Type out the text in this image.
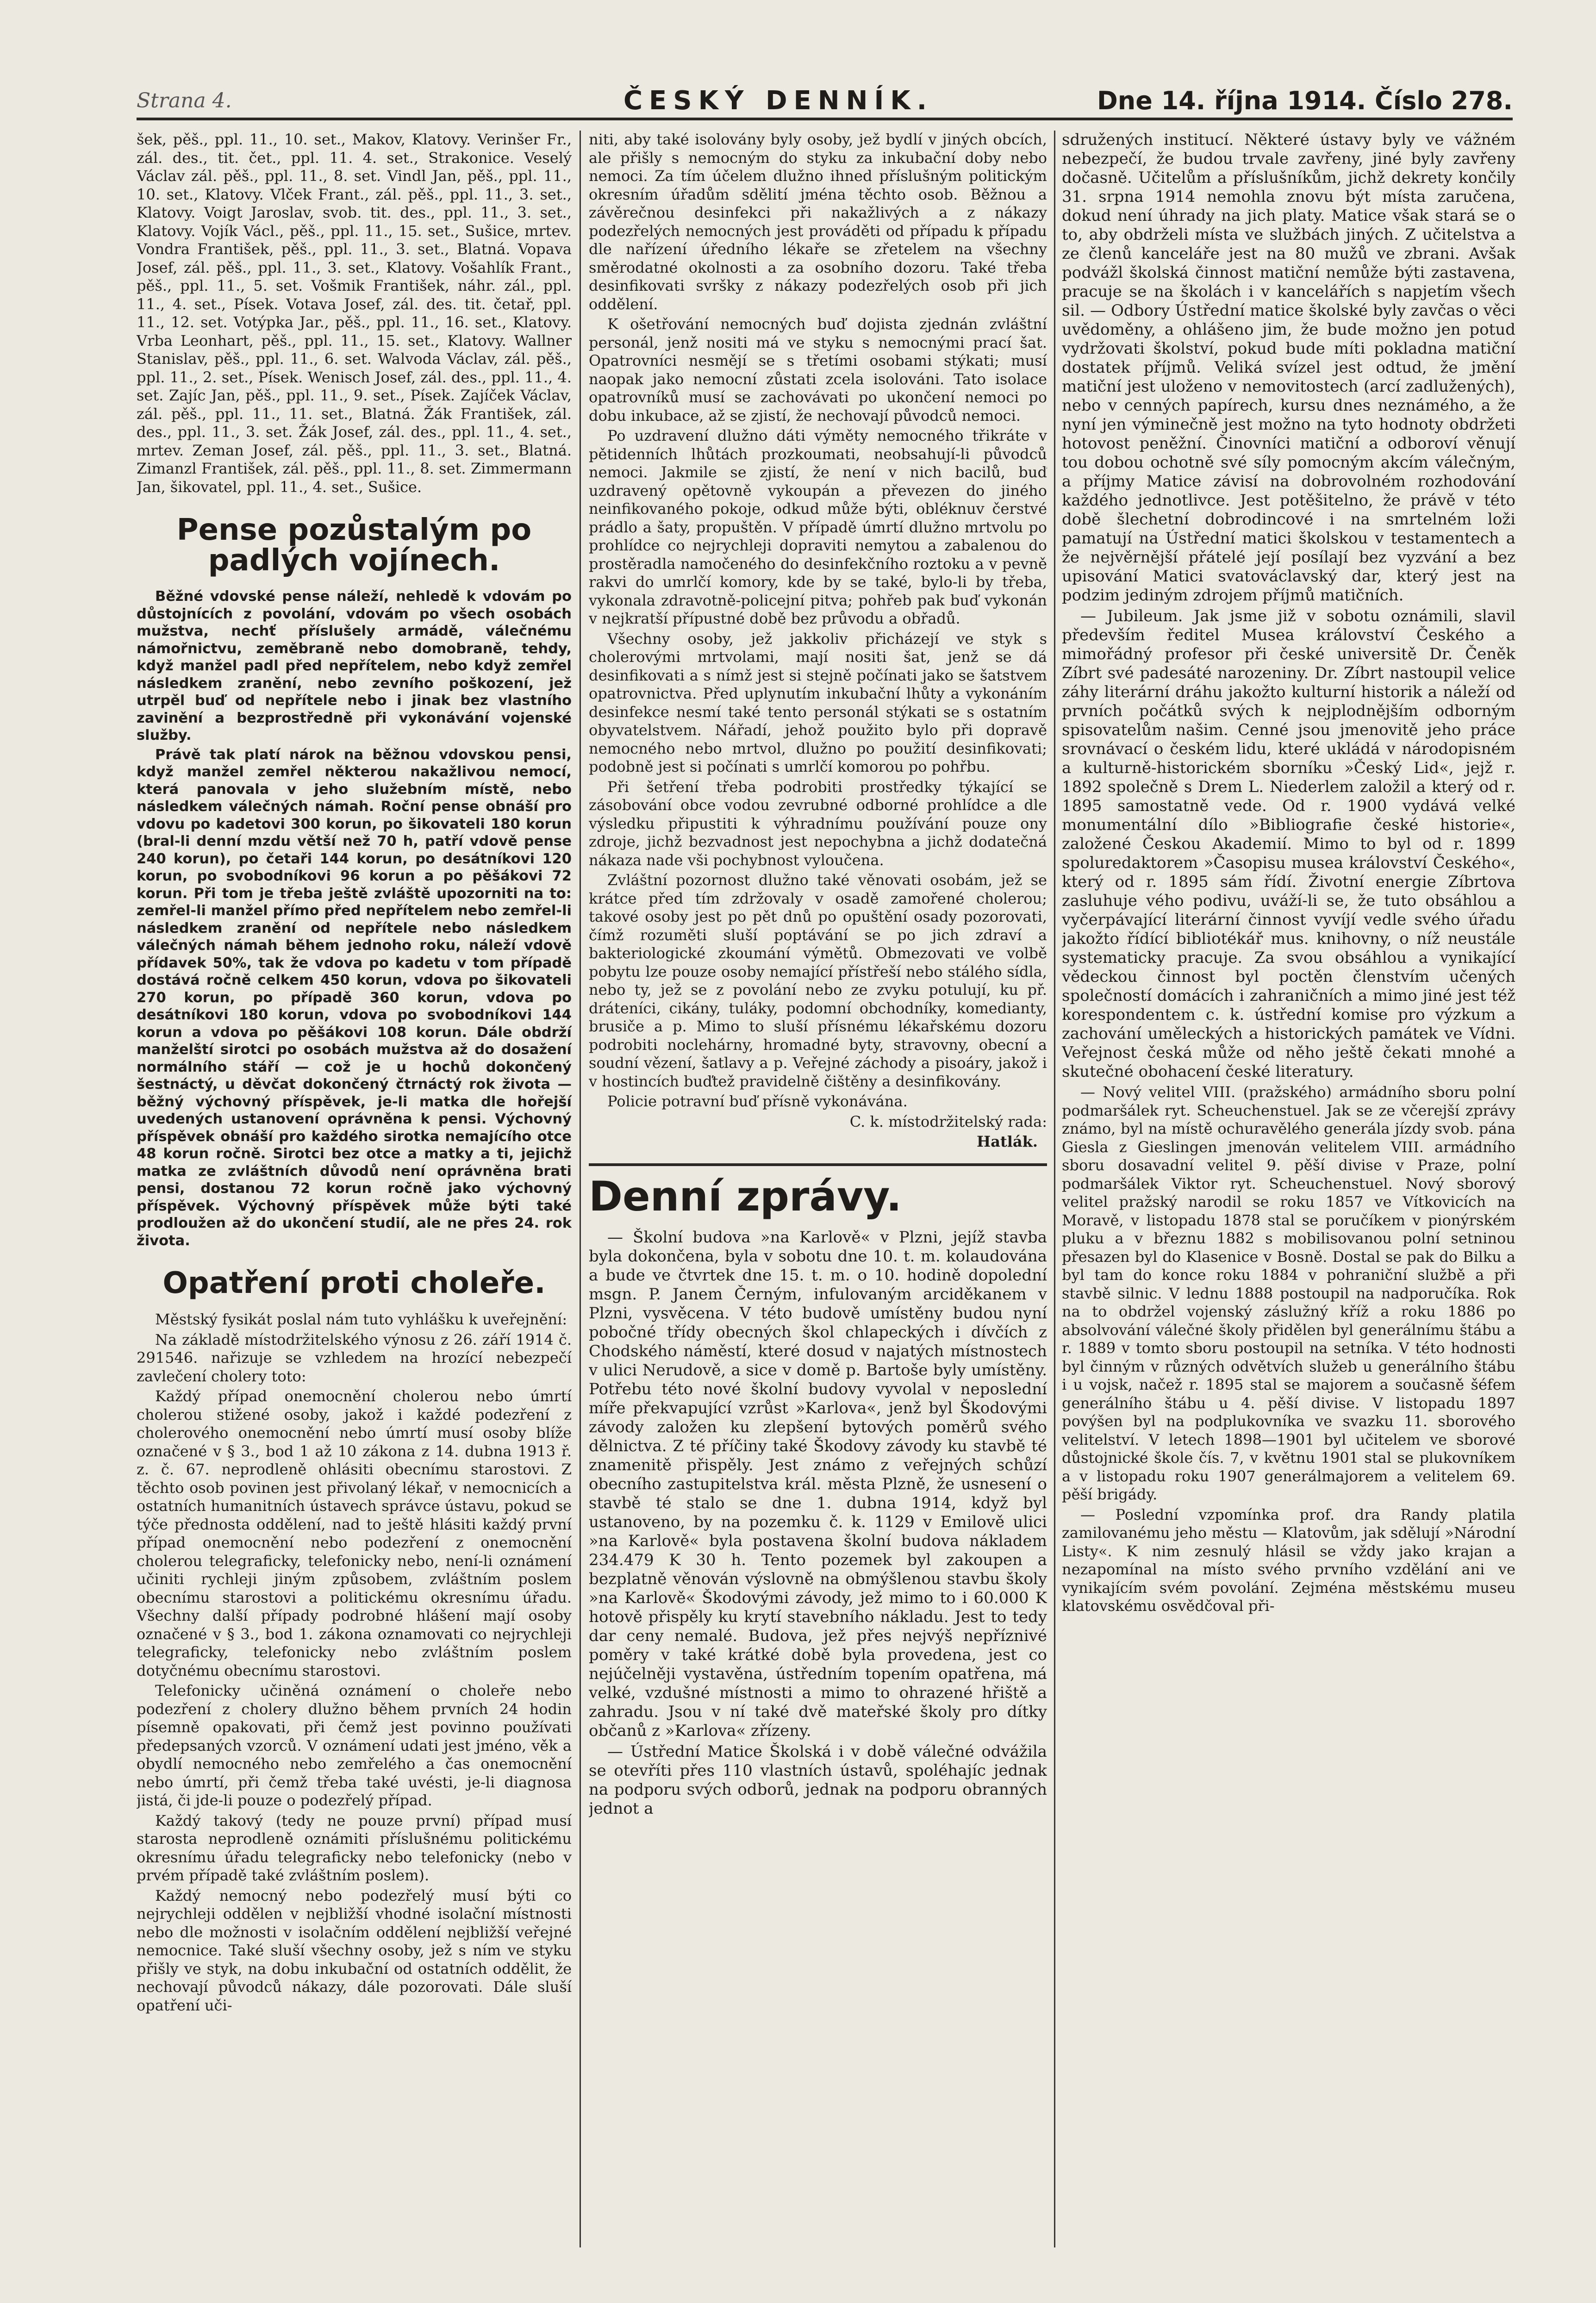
Strana 4.	ČESKÝ DENNÍK.	Dne 14. října 1914. Číslo 278.

šek, pěš., ppl. 11., 10. set., Makov, Klatovy. Verinšer Fr., zál. des., tit. čet., ppl. 11. 4. set., Strakonice. Veselý Václav zál. pěš., ppl. 11., 8. set. Vindl Jan, pěš., ppl. 11., 10. set., Klatovy. Vlček Frant., zál. pěš., ppl. 11., 3. set., Klatovy. Voigt Jaroslav, svob. tit. des., ppl. 11., 3. set., Klatovy. Vojík Václ., pěš., ppl. 11., 15. set., Sušice, mrtev. Vondra František, pěš., ppl. 11., 3. set., Blatná. Vopava Josef, zál. pěš., ppl. 11., 3. set., Klatovy. Vošahlík Frant., pěš., ppl. 11., 5. set. Vošmik František, náhr. zál., ppl. 11., 4. set., Písek. Votava Josef, zál. des. tit. četař, ppl. 11., 12. set. Votýpka Jar., pěš., ppl. 11., 16. set., Klatovy. Vrba Leonhart, pěš., ppl. 11., 15. set., Klatovy. Wallner Stanislav, pěš., ppl. 11., 6. set. Walvoda Václav, zál. pěš., ppl. 11., 2. set., Písek. Wenisch Josef, zál. des., ppl. 11., 4. set. Zajíc Jan, pěš., ppl. 11., 9. set., Písek. Zajíček Václav, zál. pěš., ppl. 11., 11. set., Blatná. Žák František, zál. des., ppl. 11., 3. set. Žák Josef, zál. des., ppl. 11., 4. set., mrtev. Zeman Josef, zál. pěš., ppl. 11., 3. set., Blatná. Zimanzl František, zál. pěš., ppl. 11., 8. set. Zimmermann Jan, šikovatel, ppl. 11., 4. set., Sušice.

Pense pozůstalým po padlých vojínech.

Běžné vdovské pense náleží, nehledě k vdovám po důstojnících z povolání, vdovám po všech osobách mužstva, nechť příslušely armádě, válečnému námořnictvu, zeměbraně nebo domobraně, tehdy, když manžel padl před nepřítelem, nebo když zemřel následkem zranění, nebo zevního poškození, jež utrpěl buď od nepřítele nebo i jinak bez vlastního zavinění a bezprostředně při vykonávání vojenské služby.

Právě tak platí nárok na běžnou vdovskou pensi, když manžel zemřel některou nakažlivou nemocí, která panovala v jeho služebním místě, nebo následkem válečných námah. Roční pense obnáší pro vdovu po kadetovi 300 korun, po šikovateli 180 korun (bral-li denní mzdu větší než 70 h, patří vdově pense 240 korun), po četaři 144 korun, po desátníkovi 120 korun, po svobodníkovi 96 korun a po pěšákovi 72 korun. Při tom je třeba ještě zvláště upozorniti na to: zemřel-li manžel přímo před nepřítelem nebo zemřel-li následkem zranění od nepřítele nebo následkem válečných námah během jednoho roku, náleží vdově přídavek 50%, tak že vdova po kadetu v tom případě dostává ročně celkem 450 korun, vdova po šikovateli 270 korun, po případě 360 korun, vdova po desátníkovi 180 korun, vdova po svobodníkovi 144 korun a vdova po pěšákovi 108 korun. Dále obdrží manželští sirotci po osobách mužstva až do dosažení normálního stáří — což je u hochů dokončený šestnáctý, u děvčat dokončený čtrnáctý rok života — běžný výchovný příspěvek, je-li matka dle hořejší uvedených ustanovení oprávněna k pensi. Výchovný příspěvek obnáší pro každého sirotka nemajícího otce 48 korun ročně. Sirotci bez otce a matky a ti, jejichž matka ze zvláštních důvodů není oprávněna brati pensi, dostanou 72 korun ročně jako výchovný příspěvek. Výchovný příspěvek může býti také prodloužen až do ukončení studií, ale ne přes 24. rok života.

Opatření proti choleře.

Městský fysikát poslal nám tuto vyhlášku k uveřejnění:

Na základě místodržitelského výnosu z 26. září 1914 č. 291546. nařizuje se vzhledem na hrozící nebezpečí zavlečení cholery toto:

Každý případ onemocnění cholerou nebo úmrtí cholerou stižené osoby, jakož i každé podezření z cholerového onemocnění nebo úmrtí musí osoby blíže označené v § 3., bod 1 až 10 zákona z 14. dubna 1913 ř. z. č. 67. neprodleně ohlásiti obecnímu starostovi. Z těchto osob povinen jest přivolaný lékař, v nemocnicích a ostatních humanitních ústavech správce ústavu, pokud se týče přednosta oddělení, nad to ještě hlásiti každý první případ onemocnění nebo podezření z onemocnění cholerou telegraficky, telefonicky nebo, není-li oznámení učiniti rychleji jiným způsobem, zvláštním poslem obecnímu starostovi a politickému okresnímu úřadu. Všechny další případy podrobné hlášení mají osoby označené v § 3., bod 1. zákona oznamovati co nejrychleji telegraficky, telefonicky nebo zvláštním poslem dotyčnému obecnímu starostovi.

Telefonicky učiněná oznámení o choleře nebo podezření z cholery dlužno během prvních 24 hodin písemně opakovati, při čemž jest povinno používati předepsaných vzorců. V oznámení udati jest jméno, věk a obydlí nemocného nebo zemřelého a čas onemocnění nebo úmrtí, při čemž třeba také uvésti, je-li diagnosa jistá, či jde-li pouze o podezřelý případ.

Každý takový (tedy ne pouze první) případ musí starosta neprodleně oznámiti příslušnému politickému okresnímu úřadu telegraficky nebo telefonicky (nebo v prvém případě také zvláštním poslem).

Každý nemocný nebo podezřelý musí býti co nejrychleji oddělen v nejbližší vhodné isolační místnosti nebo dle možnosti v isolačním oddělení nejbližší veřejné nemocnice. Také sluší všechny osoby, jež s ním ve styku přišly ve styk, na dobu inkubační od ostatních oddělit, že nechovají původců nákazy, dále pozorovati. Dále sluší opatření uči-

niti, aby také isolovány byly osoby, jež bydlí v jiných obcích, ale přišly s nemocným do styku za inkubační doby nebo nemoci. Za tím účelem dlužno ihned příslušným politickým okresním úřadům sdělití jména těchto osob. Běžnou a závěrečnou desinfekci při nakažlivých a z nákazy podezřelých nemocných jest prováděti od případu k případu dle nařízení úředního lékaře se zřetelem na všechny směrodatné okolnosti a za osobního dozoru. Také třeba desinfikovati svršky z nákazy podezřelých osob při jich oddělení.

K ošetřování nemocných buď dojista zjednán zvláštní personál, jenž nositi má ve styku s nemocnými prací šat. Opatrovníci nesmějí se s třetími osobami stýkati; musí naopak jako nemocní zůstati zcela isolováni. Tato isolace opatrovníků musí se zachovávati po ukončení nemoci po dobu inkubace, až se zjistí, že nechovají původců nemoci.

Po uzdravení dlužno dáti výměty nemocného třikráte v pětidenních lhůtách prozkoumati, neobsahují-li původců nemoci. Jakmile se zjistí, že není v nich bacilů, buď uzdravený opětovně vykoupán a převezen do jiného neinfikovaného pokoje, odkud může býti, obléknuv čerstvé prádlo a šaty, propuštěn. V případě úmrtí dlužno mrtvolu po prohlídce co nejrychleji dopraviti nemytou a zabalenou do prostěradla namočeného do desinfekčního roztoku a v pevně rakvi do umrlčí komory, kde by se také, bylo-li by třeba, vykonala zdravotně-policejní pitva; pohřeb pak buď vykonán v nejkratší přípustné době bez průvodu a obřadů.

Všechny osoby, jež jakkoliv přicházejí ve styk s cholerovými mrtvolami, mají nositi šat, jenž se dá desinfikovati a s nímž jest si stejně počínati jako se šatstvem opatrovnictva. Před uplynutím inkubační lhůty a vykonáním desinfekce nesmí také tento personál stýkati se s ostatním obyvatelstvem. Nářadí, jehož použito bylo při dopravě nemocného nebo mrtvol, dlužno po použití desinfikovati; podobně jest si počínati s umrlčí komorou po pohřbu.

Při šetření třeba podrobiti prostředky týkající se zásobování obce vodou zevrubné odborné prohlídce a dle výsledku připustiti k výhradnímu používání pouze ony zdroje, jichž bezvadnost jest nepochybna a jichž dodatečná nákaza nade vši pochybnost vyloučena.

Zvláštní pozornost dlužno také věnovati osobám, jež se krátce před tím zdržovaly v osadě zamořené cholerou; takové osoby jest po pět dnů po opuštění osady pozorovati, čímž rozuměti sluší poptávání se po jich zdraví a bakteriologické zkoumání výmětů. Obmezovati ve volbě pobytu lze pouze osoby nemající přístřeší nebo stálého sídla, nebo ty, jež se z povolání nebo ze zvyku potulují, ku př. dráteníci, cikány, tuláky, podomní obchodníky, komedianty, brusiče a p. Mimo to sluší přísnému lékařskému dozoru podrobiti noclehárny, hromadné byty, stravovny, obecní a soudní vězení, šatlavy a p. Veřejné záchody a pisoáry, jakož i v hostincích buďtež pravidelně čištěny a desinfikovány.

Policie potravní buď přísně vykonávána.

C. k. místodržitelský rada:

Hatlák.

Denní zprávy.

— Školní budova »na Karlově« v Plzni, jejíž stavba byla dokončena, byla v sobotu dne 10. t. m. kolaudována a bude ve čtvrtek dne 15. t. m. o 10. hodině dopolední msgn. P. Janem Černým, infulovaným arciděkanem v Plzni, vysvěcena. V této budově umístěny budou nyní pobočné třídy obecných škol chlapeckých i dívčích z Chodského náměstí, které dosud v najatých místnostech v ulici Nerudově, a sice v domě p. Bartoše byly umístěny. Potřebu této nové školní budovy vyvolal v neposlední míře překvapující vzrůst »Karlova«, jenž byl Škodovými závody založen ku zlepšení bytových poměrů svého dělnictva. Z té příčiny také Škodovy závody ku stavbě té znamenitě přispěly. Jest známo z veřejných schůzí obecního zastupitelstva král. města Plzně, že usnesení o stavbě té stalo se dne 1. dubna 1914, když byl ustanoveno, by na pozemku č. k. 1129 v Emilově ulici »na Karlově« byla postavena školní budova nákladem 234.479 K 30 h. Tento pozemek byl zakoupen a bezplatně věnován výslovně na obmýšlenou stavbu školy »na Karlově« Škodovými závody, jež mimo to i 60.000 K hotově přispěly ku krytí stavebního nákladu. Jest to tedy dar ceny nemalé. Budova, jež přes nejvýš nepříznivé poměry v také krátké době byla provedena, jest co nejúčelněji vystavěna, ústředním topením opatřena, má velké, vzdušné místnosti a mimo to ohrazené hřiště a zahradu. Jsou v ní také dvě mateřské školy pro dítky občanů z »Karlova« zřízeny.

— Ústřední Matice Školská i v době válečné odvážila se otevříti přes 110 vlastních ústavů, spoléhajíc jednak na podporu svých odborů, jednak na podporu obranných jednot a

sdružených institucí. Některé ústavy byly ve vážném nebezpečí, že budou trvale zavřeny, jiné byly zavřeny dočasně. Učitelům a příslušníkům, jichž dekrety končily 31. srpna 1914 nemohla znovu být místa zaručena, dokud není úhrady na jich platy. Matice však stará se o to, aby obdrželi místa ve službách jiných. Z učitelstva a ze členů kanceláře jest na 80 mužů ve zbrani. Avšak podvážl školská činnost matiční nemůže býti zastavena, pracuje se na školách i v kancelářích s napjetím všech sil. — Odbory Ústřední matice školské byly zavčas o věci uvědoměny, a ohlášeno jim, že bude možno jen potud vydržovati školství, pokud bude míti pokladna matiční dostatek příjmů. Veliká svízel jest odtud, že jmění matiční jest uloženo v nemovitostech (arcí zadlužených), nebo v cenných papírech, kursu dnes neznámého, a že nyní jen výminečně jest možno na tyto hodnoty obdržeti hotovost peněžní. Činovníci matiční a odboroví věnují tou dobou ochotně své síly pomocným akcím válečným, a příjmy Matice závisí na dobrovolném rozhodování každého jednotlivce. Jest potěšitelno, že právě v této době šlechetní dobrodincové i na smrtelném loži pamatují na Ústřední matici školskou v testamentech a že nejvěrnější přátelé její posílají bez vyzvání a bez upisování Matici svatováclavský dar, který jest na podzim jediným zdrojem příjmů matičních.

— Jubileum. Jak jsme již v sobotu oznámili, slavil především ředitel Musea království Českého a mimořádný profesor při české universitě Dr. Čeněk Zíbrt své padesáté narozeniny. Dr. Zíbrt nastoupil velice záhy literární dráhu jakožto kulturní historik a náleží od prvních počátků svých k nejplodnějším odborným spisovatelům našim. Cenné jsou jmenovitě jeho práce srovnávací o českém lidu, které ukládá v národopisném a kulturně-historickém sborníku »Český Lid«, jejž r. 1892 společně s Drem L. Niederlem založil a který od r. 1895 samostatně vede. Od r. 1900 vydává velké monumentální dílo »Bibliografie české historie«, založené Českou Akademií. Mimo to byl od r. 1899 spoluredaktorem »Časopisu musea království Českého«, který od r. 1895 sám řídí. Životní energie Zíbrtova zasluhuje vého podivu, uváží-li se, že tuto obsáhlou a vyčerpávající literární činnost vyvíjí vedle svého úřadu jakožto řídící bibliotékář mus. knihovny, o níž neustále systematicky pracuje. Za svou obsáhlou a vynikající vědeckou činnost byl poctěn členstvím učených společností domácích i zahraničních a mimo jiné jest též korespondentem c. k. ústřední komise pro výzkum a zachování uměleckých a historických památek ve Vídni. Veřejnost česká může od něho ještě čekati mnohé a skutečné obohacení české literatury.

— Nový velitel VIII. (pražského) armádního sboru polní podmaršálek ryt. Scheuchenstuel. Jak se ze včerejší zprávy známo, byl na místě ochuravělého generála jízdy svob. pána Giesla z Gieslingen jmenován velitelem VIII. armádního sboru dosavadní velitel 9. pěší divise v Praze, polní podmaršálek Viktor ryt. Scheuchenstuel. Nový sborový velitel pražský narodil se roku 1857 ve Vítkovicích na Moravě, v listopadu 1878 stal se poručíkem v pionýrském pluku a v březnu 1882 s mobilisovanou polní setninou přesazen byl do Klasenice v Bosně. Dostal se pak do Bilku a byl tam do konce roku 1884 v pohraniční službě a při stavbě silnic. V lednu 1888 postoupil na nadporučíka. Rok na to obdržel vojenský záslužný kříž a roku 1886 po absolvování válečné školy přidělen byl generálnímu štábu a r. 1889 v tomto sboru postoupil na setníka. V této hodnosti byl činným v různých odvětvích služeb u generálního štábu i u vojsk, načež r. 1895 stal se majorem a současně šéfem generálního štábu u 4. pěší divise. V listopadu 1897 povýšen byl na podplukovníka ve svazku 11. sborového velitelství. V letech 1898—1901 byl učitelem ve sborové důstojnické škole čís. 7, v květnu 1901 stal se plukovníkem a v listopadu roku 1907 generálmajorem a velitelem 69. pěší brigády.

— Poslední vzpomínka prof. dra Randy platila zamilovanému jeho městu — Klatovům, jak sdělují »Národní Listy«. K nim zesnulý hlásil se vždy jako krajan a nezapomínal na místo svého prvního vzdělání ani ve vynikajícím svém povolání. Zejména městskému museu klatovskému osvědčoval při-
